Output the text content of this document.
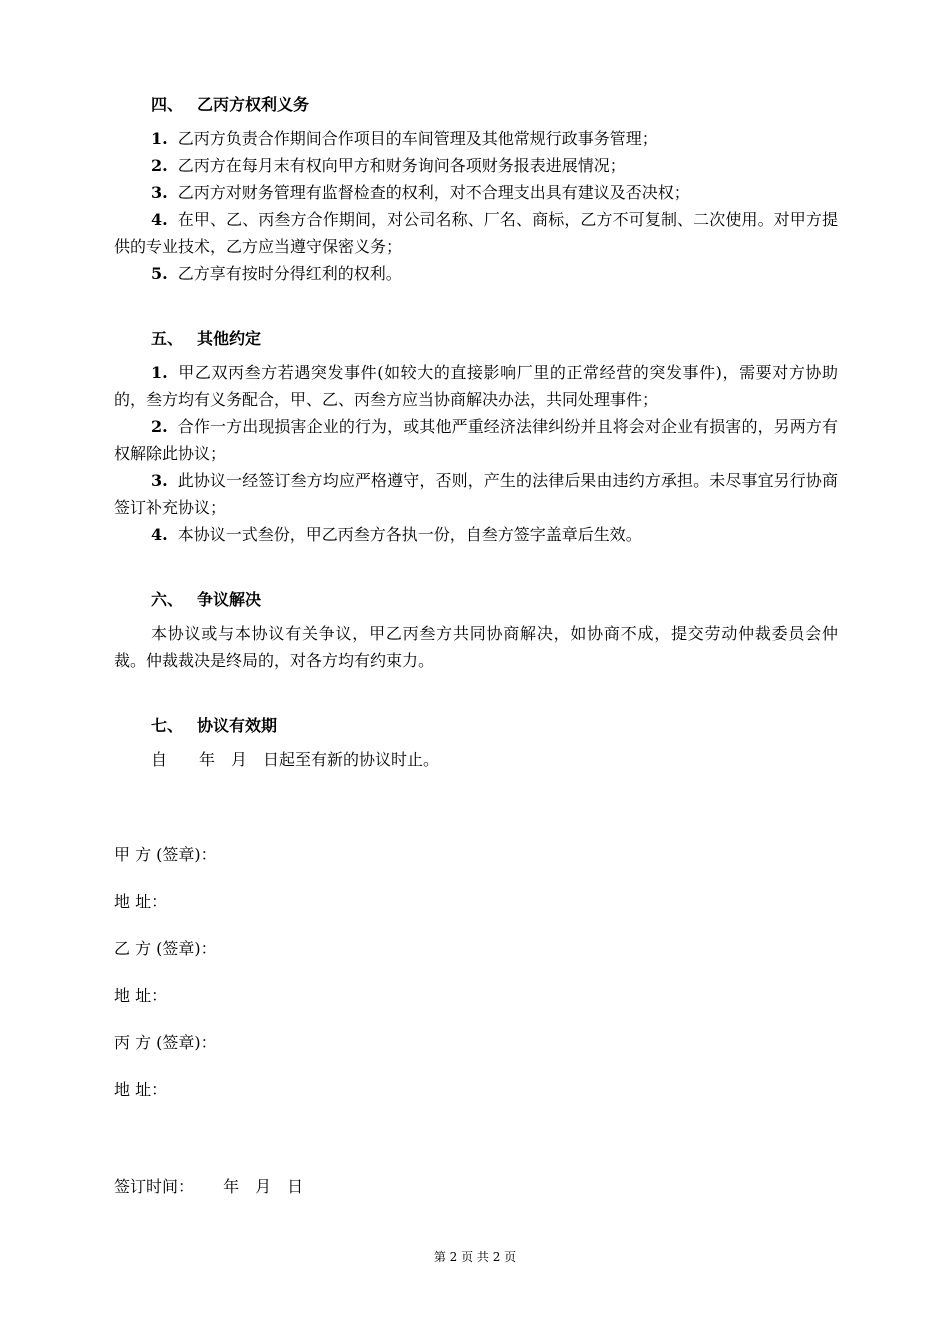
四、 乙丙方权利义务
1. 乙丙方负责合作期间合作项目的车间管理及其他常规行政事务管理；
2. 乙丙方在每月末有权向甲方和财务询问各项财务报表进展情况；
3. 乙丙方对财务管理有监督检查的权利，对不合理支出具有建议及否决权；
4. 在甲、乙、丙叁方合作期间，对公司名称、厂名、商标，乙方不可复制、二次使用。对甲方提供的专业技术，乙方应当遵守保密义务；
5. 乙方享有按时分得红利的权利。
五、 其他约定
1. 甲乙双丙叁方若遇突发事件(如较大的直接影响厂里的正常经营的突发事件)，需要对方协助的，叁方均有义务配合，甲、乙、丙叁方应当协商解决办法，共同处理事件；
2. 合作一方出现损害企业的行为，或其他严重经济法律纠纷并且将会对企业有损害的，另两方有权解除此协议；
3. 此协议一经签订叁方均应严格遵守，否则，产生的法律后果由违约方承担。未尽事宜另行协商签订补充协议；
4. 本协议一式叁份，甲乙丙叁方各执一份，自叁方签字盖章后生效。
六、 争议解决
本协议或与本协议有关争议，甲乙丙叁方共同协商解决，如协商不成，提交劳动仲裁委员会仲裁。仲裁裁决是终局的，对各方均有约束力。
七、 协议有效期
自　　年　月　日起至有新的协议时止。
甲 方 (签章)：
地 址：
乙 方 (签章)：
地 址：
丙 方 (签章)：
地 址：
签订时间：　　 年　月　日
第 2 页 共 2 页
